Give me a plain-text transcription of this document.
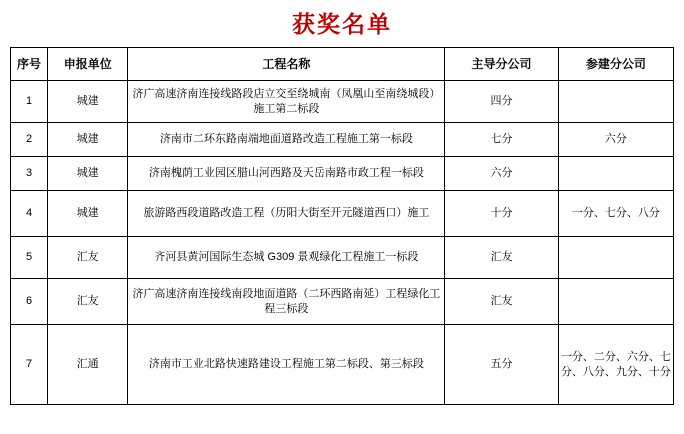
获奖名单
序号	申报单位	工程名称	主导分公司	参建分公司
1	城建	济广高速济南连接线路段店立交至绕城南（凤凰山至南绕城段）施工第二标段	四分	
2	城建	济南市二环东路南端地面道路改造工程施工第一标段	七分	六分
3	城建	济南槐荫工业园区腊山河西路及天岳南路市政工程一标段	六分	
4	城建	旅游路西段道路改造工程（历阳大街至开元隧道西口）施工	十分	一分、七分、八分
5	汇友	齐河县黄河国际生态城 G309 景观绿化工程施工一标段	汇友	
6	汇友	济广高速济南连接线南段地面道路（二环西路南延）工程绿化工程三标段	汇友	
7	汇通	济南市工业北路快速路建设工程施工第二标段、第三标段	五分	一分、二分、六分、七分、八分、九分、十分
